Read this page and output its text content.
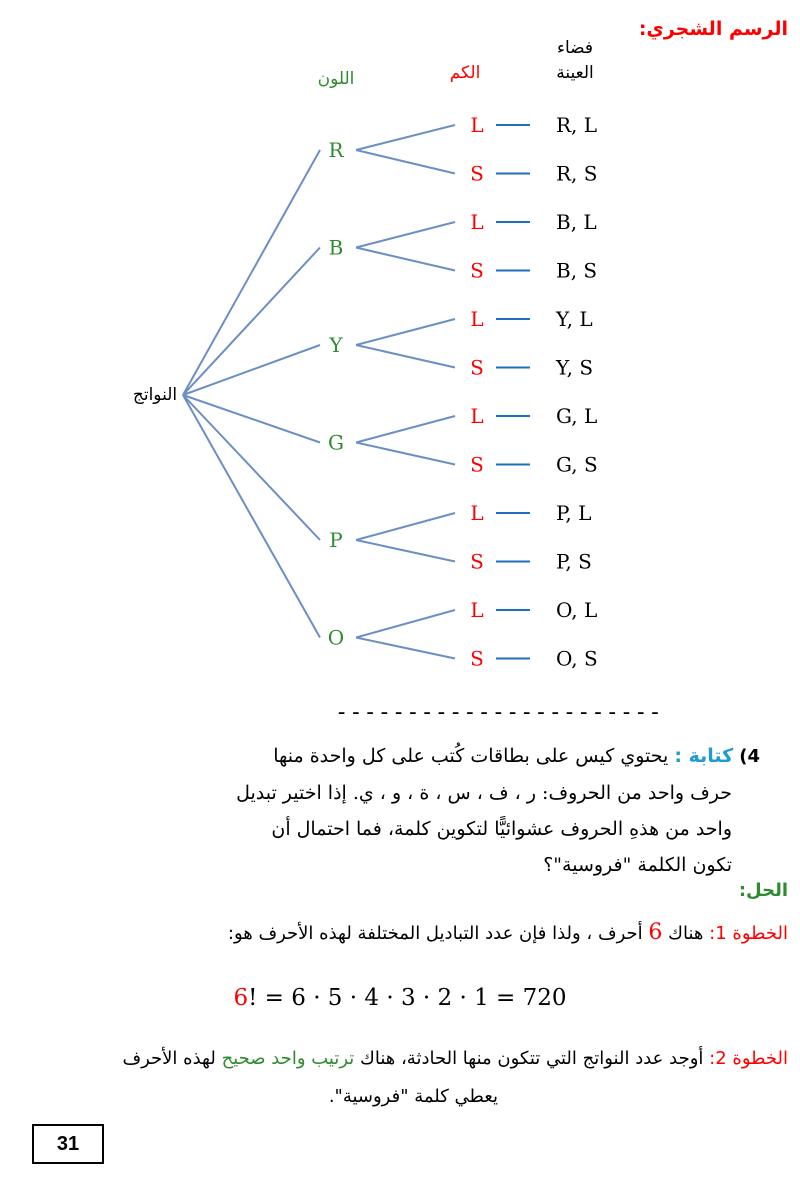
الرسم الشجري:
فضاء
العينة
الكم
اللون
النواتج
R
L	R, L
S	R, S
B
L	B, L
S	B, S
Y
L	Y, L
S	Y, S
G
L	G, L
S	G, S
P
L	P, L
S	P, S
O
L	O, L
S	O, S
-----------------------
4) كتابة : يحتوي كيس على بطاقات كُتب على كل واحدة منها
حرف واحد من الحروف: ر ، ف ، س ، ة ، و ، ي. إذا اختير تبديل
واحد من هذهِ الحروف عشوائيًّا لتكوين كلمة، فما احتمال أن
تكون الكلمة "فروسية"؟
الحل:
الخطوة 1: هناك 6 أحرف ، ولذا فإن عدد التباديل المختلفة لهذه الأحرف هو:
6! = 6 · 5 · 4 · 3 · 2 · 1 = 720
الخطوة 2: أوجد عدد النواتج التي تتكون منها الحادثة، هناك ترتيب واحد صحيح لهذه الأحرف
يعطي كلمة "فروسية".
31
